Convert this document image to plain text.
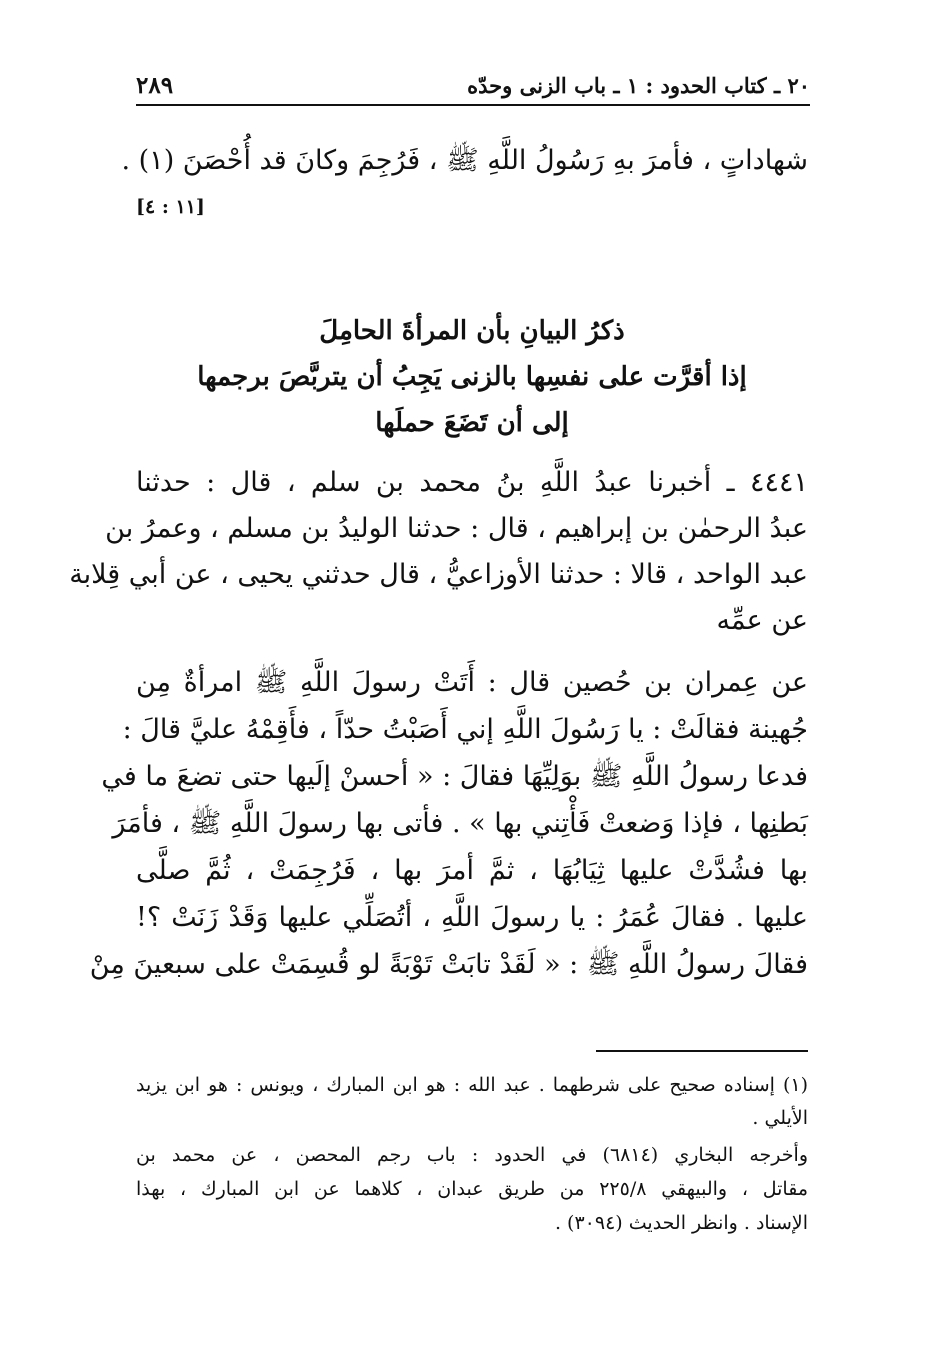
٢٠ ـ كتاب الحدود : ١ ـ باب الزنى وحدّه
٢٨٩
شهاداتٍ ، فأمرَ بهِ رَسُولُ اللَّهِ ﷺ ، فَرُجِمَ وكانَ قد أُحْصَنَ (١) .
[١١ : ٤]
ذكرُ البيانِ بأن المرأةَ الحامِلَ
إذا أقرَّت على نفسِها بالزنى يَجِبُ أن يتربَّصَ برجمها
إلى أن تَضَعَ حملَها
٤٤٤١ ـ أخبرنا عبدُ اللَّهِ بنُ محمد بن سلم ، قال : حدثنا
عبدُ الرحمٰن بن إبراهيم ، قال : حدثنا الوليدُ بن مسلم ، وعمرُ بن
عبد الواحد ، قالا : حدثنا الأوزاعيُّ ، قال حدثني يحيى ، عن أبي قِلابة
عن عمِّه
عن عِمران بن حُصين قال : أَتَتْ رسولَ اللَّهِ ﷺ امرأةٌ مِن
جُهينة فقالَتْ : يا رَسُولَ اللَّهِ إني أَصَبْتُ حدّاً ، فأَقِمْهُ عليَّ قالَ :
فدعا رسولُ اللَّهِ ﷺ بوَلِيِّهَا فقالَ : « أحسنْ إلَيها حتى تضعَ ما في
بَطنِها ، فإذا وَضعتْ فَأْتِني بها » . فأتى بها رسولَ اللَّهِ ﷺ ، فأمَرَ
بها فشُدَّتْ عليها ثِيَابُهَا ، ثمَّ أمرَ بها ، فَرُجِمَتْ ، ثُمَّ صلَّى
عليها . فقالَ عُمَرُ : يا رسولَ اللَّهِ ، أتُصَلِّي عليها وَقَدْ زَنَتْ ؟!
فقالَ رسولُ اللَّهِ ﷺ : « لَقَدْ تابَتْ تَوْبَةً لو قُسِمَتْ على سبعينَ مِنْ
(١) إسناده صحيح على شرطهما . عبد الله : هو ابن المبارك ، ويونس : هو ابن يزيد
الأيلي .
وأخرجه البخاري (٦٨١٤) في الحدود : باب رجم المحصن ، عن محمد بن
مقاتل ، والبيهقي ٢٢٥/٨ من طريق عبدان ، كلاهما عن ابن المبارك ، بهذا
الإسناد . وانظر الحديث (٣٠٩٤) .
